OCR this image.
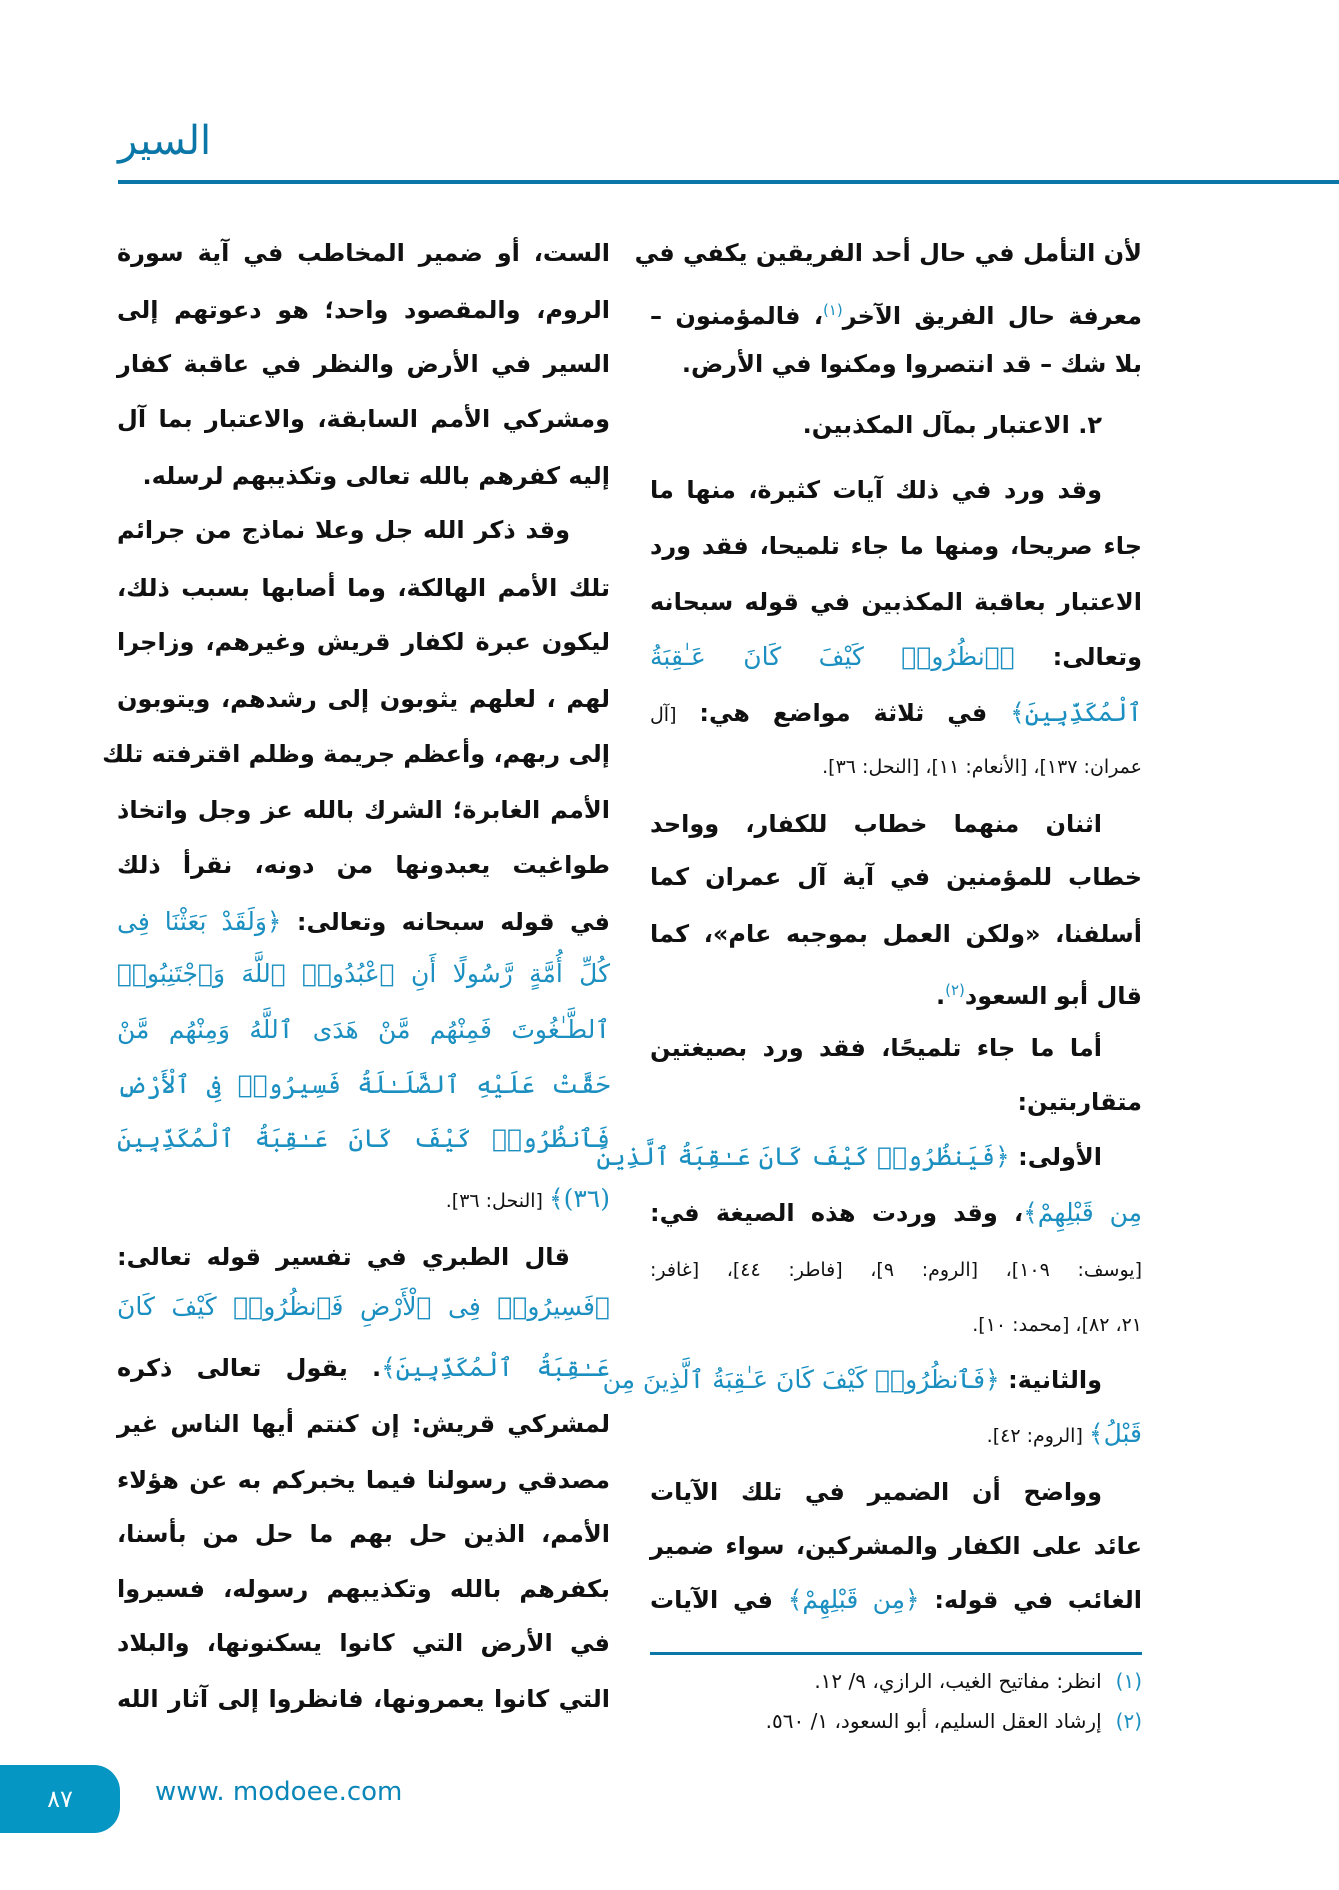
السير
لأن التأمل في حال أحد الفريقين يكفي في
معرفة حال الفريق الآخر$^{(١)}$، فالمؤمنون –
بلا شك – قد انتصروا ومكنوا في الأرض.
٢. الاعتبار بمآل المكذبين.
وقد ورد في ذلك آيات كثيرة، منها ما
جاء صريحا، ومنها ما جاء تلميحا، فقد ورد
الاعتبار بعاقبة المكذبين في قوله سبحانه
وتعالى: ﴿ٱنظُرُوا۟ كَيْفَ كَانَ عَـٰقِبَةُ
ٱلْمُكَذِّبِينَ﴾ في ثلاثة مواضع هي: [آل
عمران: ١٣٧]، [الأنعام: ١١]، [النحل: ٣٦].
اثنان منهما خطاب للكفار، وواحد
خطاب للمؤمنين في آية آل عمران كما
أسلفنا، «ولكن العمل بموجبه عام»، كما
قال أبو السعود$^{(٢)}$.
أما ما جاء تلميحًا، فقد ورد بصيغتين
متقاربتين:
الأولى: ﴿فَيَنظُرُوا۟ كَيْفَ كَانَ عَـٰقِبَةُ ٱلَّذِينَ
مِن قَبْلِهِمْ﴾، وقد وردت هذه الصيغة في:
[يوسف: ١٠٩]، [الروم: ٩]، [فاطر: ٤٤]، [غافر:
٢١، ٨٢]، [محمد: ١٠].
والثانية: ﴿فَٱنظُرُوا۟ كَيْفَ كَانَ عَـٰقِبَةُ ٱلَّذِينَ مِن
قَبْلُ﴾ [الروم: ٤٢].
وواضح أن الضمير في تلك الآيات
عائد على الكفار والمشركين، سواء ضمير
الغائب في قوله: ﴿مِن قَبْلِهِمْ﴾ في الآيات
الست، أو ضمير المخاطب في آية سورة
الروم، والمقصود واحد؛ هو دعوتهم إلى
السير في الأرض والنظر في عاقبة كفار
ومشركي الأمم السابقة، والاعتبار بما آل
إليه كفرهم بالله تعالى وتكذيبهم لرسله.
وقد ذكر الله جل وعلا نماذج من جرائم
تلك الأمم الهالكة، وما أصابها بسبب ذلك،
ليكون عبرة لكفار قريش وغيرهم، وزاجرا
لهم ، لعلهم يثوبون إلى رشدهم، ويتوبون
إلى ربهم، وأعظم جريمة وظلم اقترفته تلك
الأمم الغابرة؛ الشرك بالله عز وجل واتخاذ
طواغيت يعبدونها من دونه، نقرأ ذلك
في قوله سبحانه وتعالى: ﴿وَلَقَدْ بَعَثْنَا فِى
كُلِّ أُمَّةٍ رَّسُولًا أَنِ ٱعْبُدُوا۟ ٱللَّهَ وَٱجْتَنِبُوا۟
ٱلطَّـٰغُوتَ فَمِنْهُم مَّنْ هَدَى ٱللَّهُ وَمِنْهُم مَّنْ
حَقَّتْ عَلَيْهِ ٱلضَّلَـٰلَةُ فَسِيرُوا۟ فِى ٱلْأَرْضِ
فَٱنظُرُوا۟ كَيْفَ كَانَ عَـٰقِبَةُ ٱلْمُكَذِّبِينَ
(٣٦)﴾ [النحل: ٣٦].
قال الطبري في تفسير قوله تعالى:
﴿فَسِيرُوا۟ فِى ٱلْأَرْضِ فَٱنظُرُوا۟ كَيْفَ كَانَ
عَـٰقِبَةُ ٱلْمُكَذِّبِينَ﴾. يقول تعالى ذكره
لمشركي قريش: إن كنتم أيها الناس غير
مصدقي رسولنا فيما يخبركم به عن هؤلاء
الأمم، الذين حل بهم ما حل من بأسنا،
بكفرهم بالله وتكذيبهم رسوله، فسيروا
في الأرض التي كانوا يسكنونها، والبلاد
التي كانوا يعمرونها، فانظروا إلى آثار الله
(١)انظر: مفاتيح الغيب، الرازي، ٩/ ١٢.
(٢)إرشاد العقل السليم، أبو السعود، ١/ ٥٦٠.
٨٧	www. modoee.com
